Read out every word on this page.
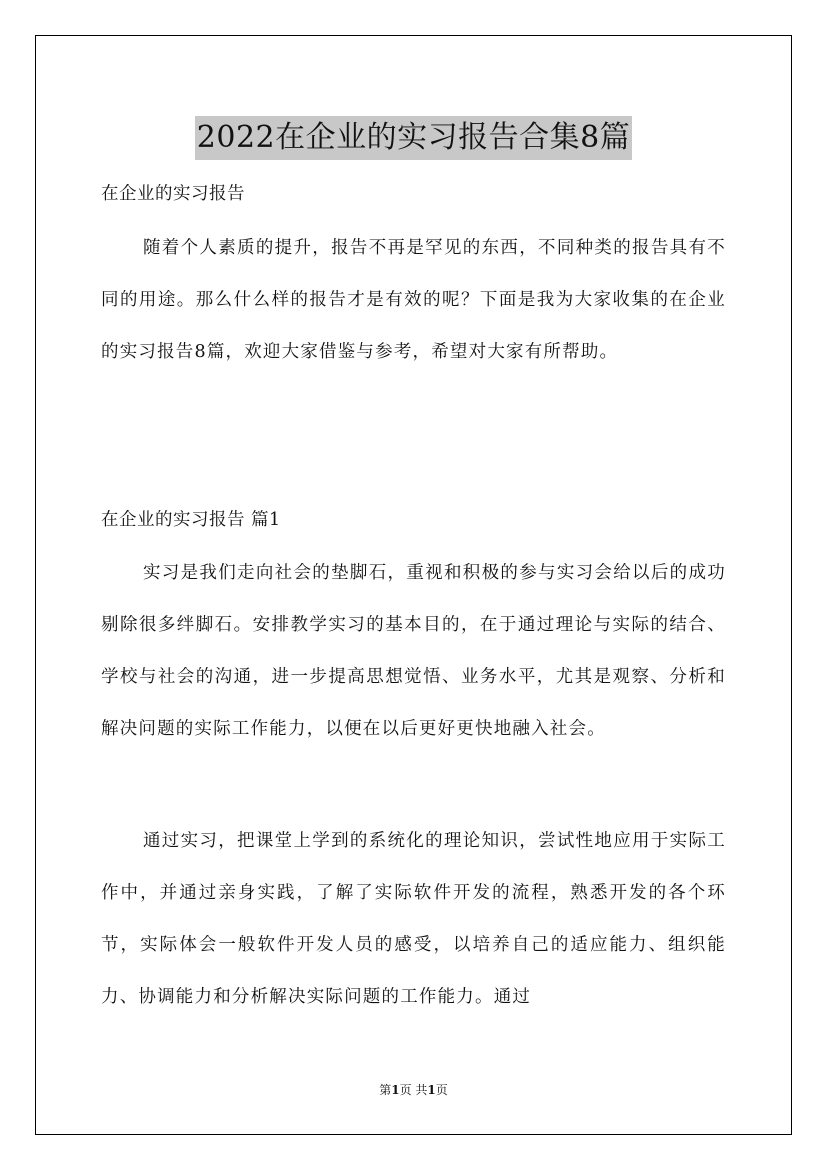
2022在企业的实习报告合集8篇
在企业的实习报告

随着个人素质的提升，报告不再是罕见的东西，不同种类的报告具有不同的用途。那么什么样的报告才是有效的呢？下面是我为大家收集的在企业的实习报告8篇，欢迎大家借鉴与参考，希望对大家有所帮助。

在企业的实习报告 篇1

实习是我们走向社会的垫脚石，重视和积极的参与实习会给以后的成功剔除很多绊脚石。安排教学实习的基本目的，在于通过理论与实际的结合、学校与社会的沟通，进一步提高思想觉悟、业务水平，尤其是观察、分析和解决问题的实际工作能力，以便在以后更好更快地融入社会。

通过实习，把课堂上学到的系统化的理论知识，尝试性地应用于实际工作中，并通过亲身实践，了解了实际软件开发的流程，熟悉开发的各个环节，实际体会一般软件开发人员的感受，以培养自己的适应能力、组织能力、协调能力和分析解决实际问题的工作能力。通过

第1页 共1页
